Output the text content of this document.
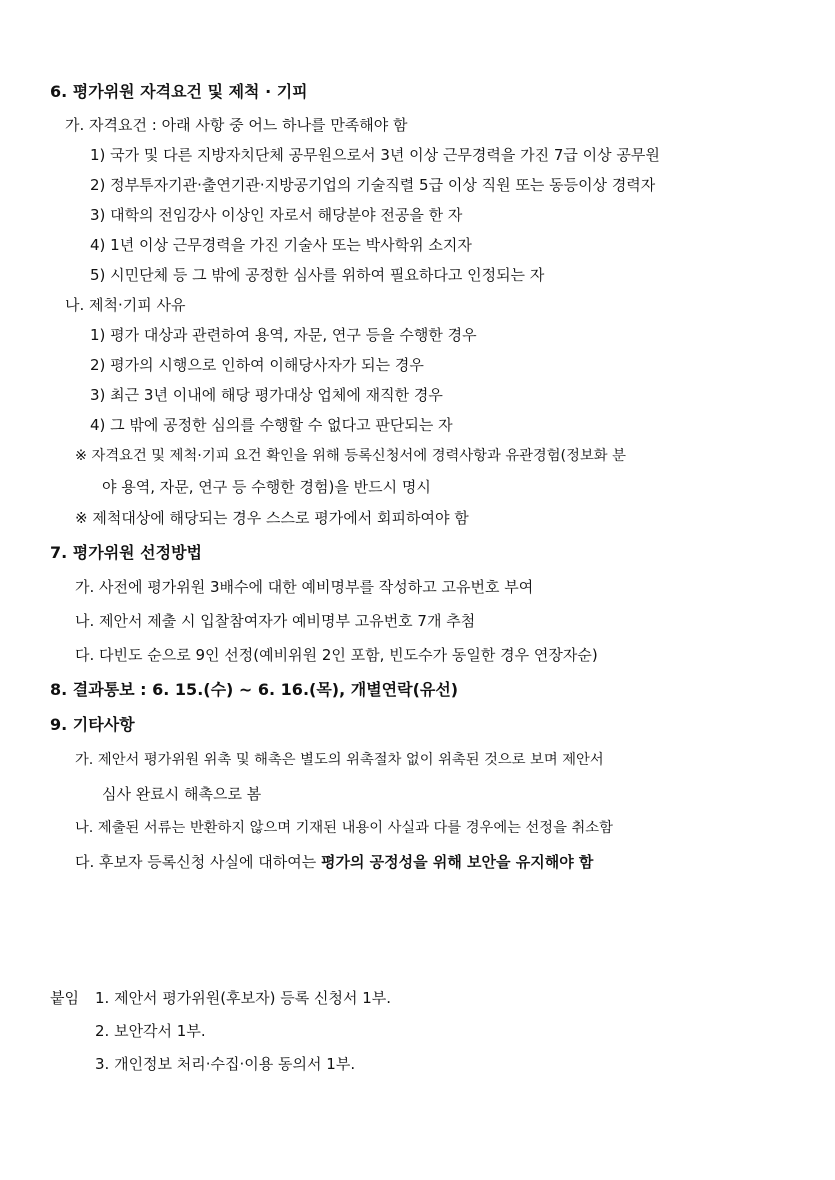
6. 평가위원 자격요건 및 제척 · 기피
가. 자격요건 : 아래 사항 중 어느 하나를 만족해야 함
1) 국가 및 다른 지방자치단체 공무원으로서 3년 이상 근무경력을 가진 7급 이상 공무원
2) 정부투자기관·출연기관·지방공기업의 기술직렬 5급 이상 직원 또는 동등이상 경력자
3) 대학의 전임강사 이상인 자로서 해당분야 전공을 한 자
4) 1년 이상 근무경력을 가진 기술사 또는 박사학위 소지자
5) 시민단체 등 그 밖에 공정한 심사를 위하여 필요하다고 인정되는 자
나. 제척·기피 사유
1) 평가 대상과 관련하여 용역, 자문, 연구 등을 수행한 경우
2) 평가의 시행으로 인하여 이해당사자가 되는 경우
3) 최근 3년 이내에 해당 평가대상 업체에 재직한 경우
4) 그 밖에 공정한 심의를 수행할 수 없다고 판단되는 자
※ 자격요건 및 제척·기피 요건 확인을 위해 등록신청서에 경력사항과 유관경험(정보화 분
야 용역, 자문, 연구 등 수행한 경험)을 반드시 명시
※ 제척대상에 해당되는 경우 스스로 평가에서 회피하여야 함
7. 평가위원 선정방법
가. 사전에 평가위원 3배수에 대한 예비명부를 작성하고 고유번호 부여
나. 제안서 제출 시 입찰참여자가 예비명부 고유번호 7개 추첨
다. 다빈도 순으로 9인 선정(예비위원 2인 포함, 빈도수가 동일한 경우 연장자순)
8. 결과통보 : 6. 15.(수) ~ 6. 16.(목), 개별연락(유선)
9. 기타사항
가. 제안서 평가위원 위촉 및 해촉은 별도의 위촉절차 없이 위촉된 것으로 보며 제안서
심사 완료시 해촉으로 봄
나. 제출된 서류는 반환하지 않으며 기재된 내용이 사실과 다를 경우에는 선정을 취소함
다. 후보자 등록신청 사실에 대하여는 평가의 공정성을 위해 보안을 유지해야 함
붙임 1. 제안서 평가위원(후보자) 등록 신청서 1부.
2. 보안각서 1부.
3. 개인정보 처리·수집·이용 동의서 1부.
